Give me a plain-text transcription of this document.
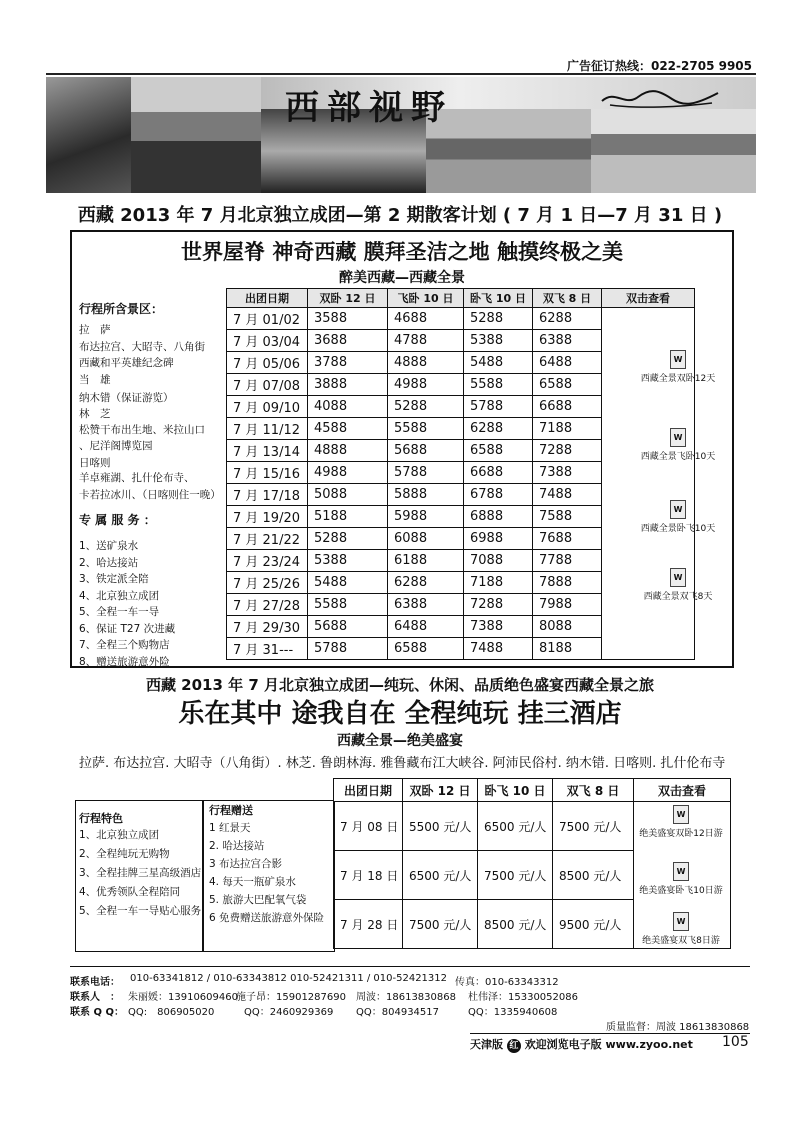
广告征订热线：022-2705 9905
西部视野
西藏 2013 年 7 月北京独立成团—第 2 期散客计划 ( 7 月 1 日—7 月 31 日 )
世界屋脊 神奇西藏 膜拜圣洁之地 触摸终极之美
醉美西藏—西藏全景
行程所含景区：
拉　萨
布达拉宫、大昭寺、八角街
西藏和平英雄纪念碑
当　雄
纳木错（保证游览）
林　芝
松赞干布出生地、米拉山口
、尼洋阁博览园
日喀则
羊卓雍湖、扎什伦布寺、
卡若拉冰川、（日喀则住一晚）
专 属 服 务 ：
1、送矿泉水
2、哈达接站
3、铁定派全陪
4、北京独立成团
5、全程一车一导
6、保证 T27 次进藏
7、全程三个购物店
8、赠送旅游意外险
出团日期	双卧 12 日	飞卧 10 日	卧飞 10 日	双飞 8 日	双击查看
7 月 01/02	3588	4688	5288	6288	
7 月 03/04	3688	4788	5388	6388	
7 月 05/06	3788	4888	5488	6488	
7 月 07/08	3888	4988	5588	6588	
7 月 09/10	4088	5288	5788	6688	
7 月 11/12	4588	5588	6288	7188	
7 月 13/14	4888	5688	6588	7288	
7 月 15/16	4988	5788	6688	7388	
7 月 17/18	5088	5888	6788	7488	
7 月 19/20	5188	5988	6888	7588	
7 月 21/22	5288	6088	6988	7688	
7 月 23/24	5388	6188	7088	7788	
7 月 25/26	5488	6288	7188	7888	
7 月 27/28	5588	6388	7288	7988	
7 月 29/30	5688	6488	7388	8088	
7 月 31---	5788	6588	7488	8188	
西藏 2013 年 7 月北京独立成团—纯玩、休闲、品质绝色盛宴西藏全景之旅
乐在其中 途我自在 全程纯玩 挂三酒店
西藏全景—绝美盛宴
拉萨. 布达拉宫. 大昭寺（八角街）. 林芝. 鲁朗林海. 雅鲁藏布江大峡谷. 阿沛民俗村. 纳木错. 日喀则. 扎什伦布寺
行程特色
1、北京独立成团
2、全程纯玩无购物
3、全程挂牌三星高级酒店
4、优秀领队全程陪同
5、全程一车一导贴心服务
行程赠送
1 红景天
2. 哈达接站
3 布达拉宫合影
4. 每天一瓶矿泉水
5. 旅游大巴配氧气袋
6 免费赠送旅游意外保险
出团日期	双卧 12 日	卧飞 10 日	双飞 8 日	双击查看
7 月 08 日	5500 元/人	6500 元/人	7500 元/人	
7 月 18 日	6500 元/人	7500 元/人	8500 元/人	
7 月 28 日	7500 元/人	8500 元/人	9500 元/人	
联系电话： 010-63341812 / 010-63343812 010-52421311 / 010-52421312 传真：010-63343312
联系人　： 朱丽媛：13910609460
施子昂：15901287690 周波：18613830868 杜伟泽：15330052086
联系 Q Q： QQ:　806905020	QQ：2460929369 QQ：804934517	QQ：1335940608
质量监督：周波 18613830868
天津版 红 欢迎浏览电子版 www.zyoo.net 105
W
西藏全景双卧12天
W
西藏全景飞卧10天
W
西藏全景卧飞10天
W
西藏全景双飞8天
W
绝美盛宴双卧12日游
W
绝美盛宴卧飞10日游
W
绝美盛宴双飞8日游
